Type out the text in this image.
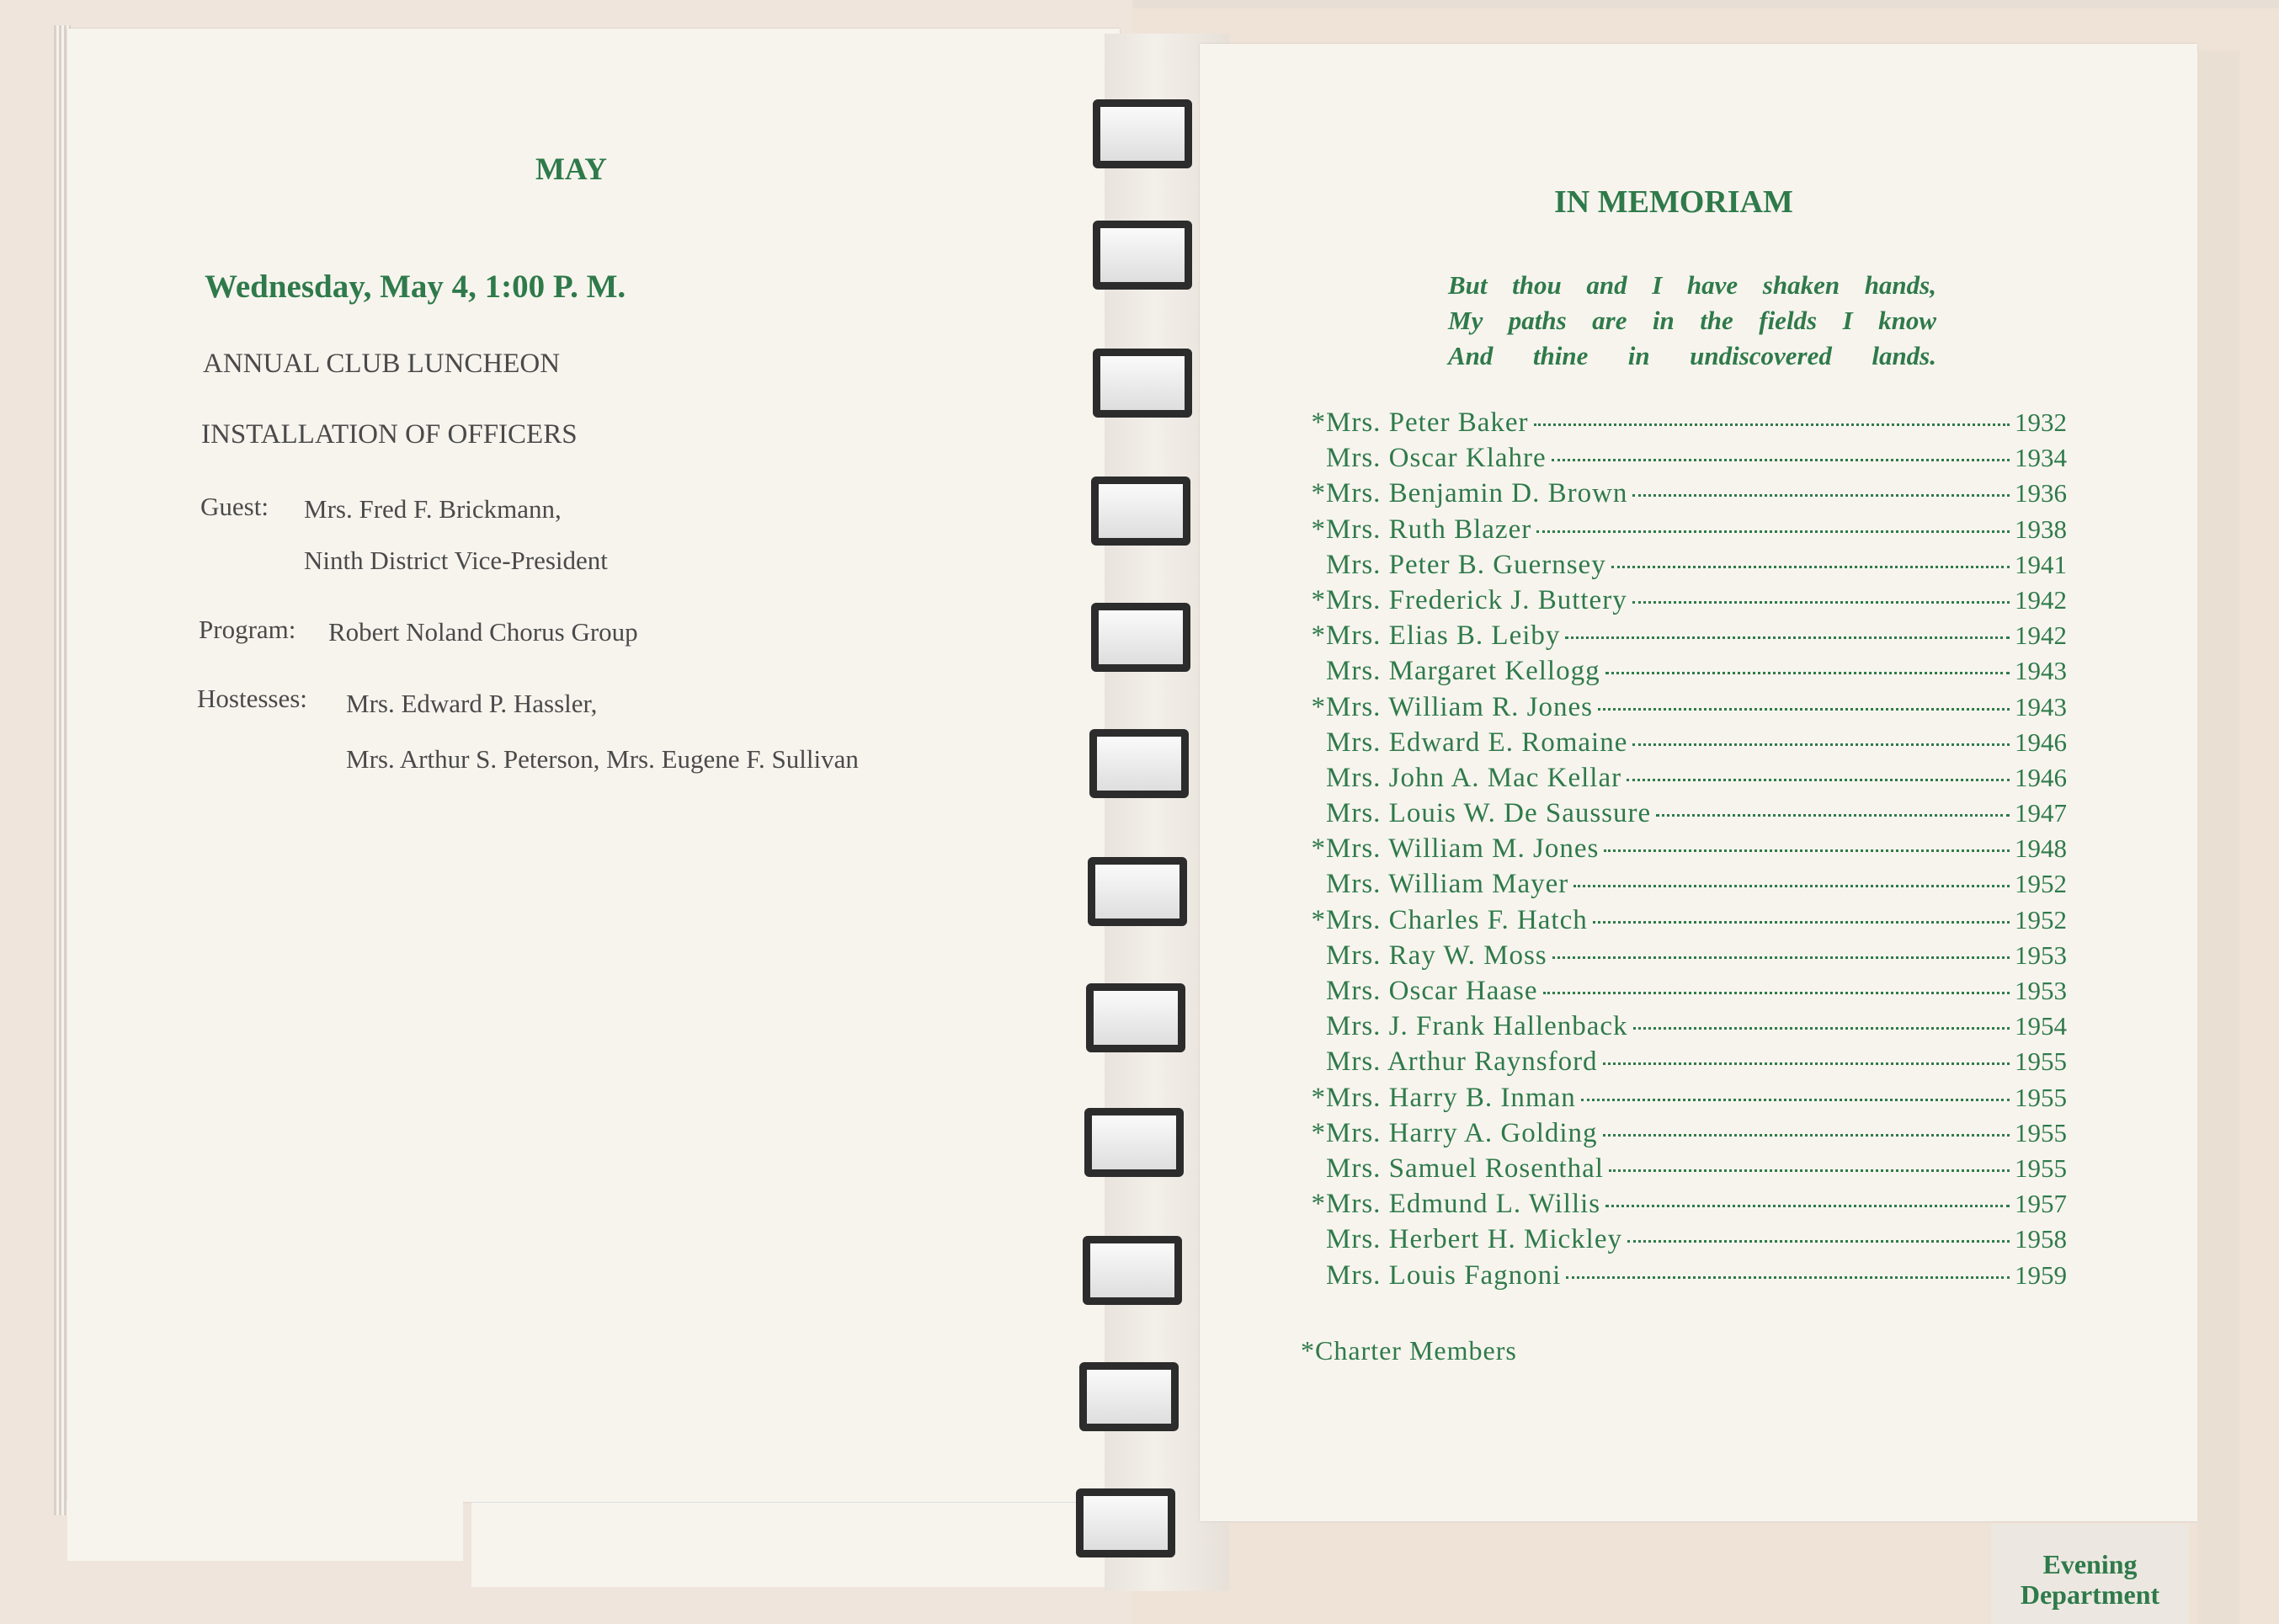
MAY
Wednesday, May 4, 1:00 P. M.
ANNUAL CLUB LUNCHEON
INSTALLATION OF OFFICERS
Guest: Mrs. Fred F. Brickmann,
Ninth District Vice-President
Program: Robert Noland Chorus Group
Hostesses: Mrs. Edward P. Hassler,
Mrs. Arthur S. Peterson, Mrs. Eugene F. Sullivan
IN MEMORIAM
But thou and I have shaken hands,
My paths are in the fields I know
And thine in undiscovered lands.
*Mrs. Peter Baker	1932
Mrs. Oscar Klahre	1934
*Mrs. Benjamin D. Brown	1936
*Mrs. Ruth Blazer	1938
Mrs. Peter B. Guernsey	1941
*Mrs. Frederick J. Buttery	1942
*Mrs. Elias B. Leiby	1942
Mrs. Margaret Kellogg	1943
*Mrs. William R. Jones	1943
Mrs. Edward E. Romaine	1946
Mrs. John A. Mac Kellar	1946
Mrs. Louis W. De Saussure	1947
*Mrs. William M. Jones	1948
Mrs. William Mayer	1952
*Mrs. Charles F. Hatch	1952
Mrs. Ray W. Moss	1953
Mrs. Oscar Haase	1953
Mrs. J. Frank Hallenback	1954
Mrs. Arthur Raynsford	1955
*Mrs. Harry B. Inman	1955
*Mrs. Harry A. Golding	1955
Mrs. Samuel Rosenthal	1955
*Mrs. Edmund L. Willis	1957
Mrs. Herbert H. Mickley	1958
Mrs. Louis Fagnoni	1959
*Charter Members
Evening
Department
